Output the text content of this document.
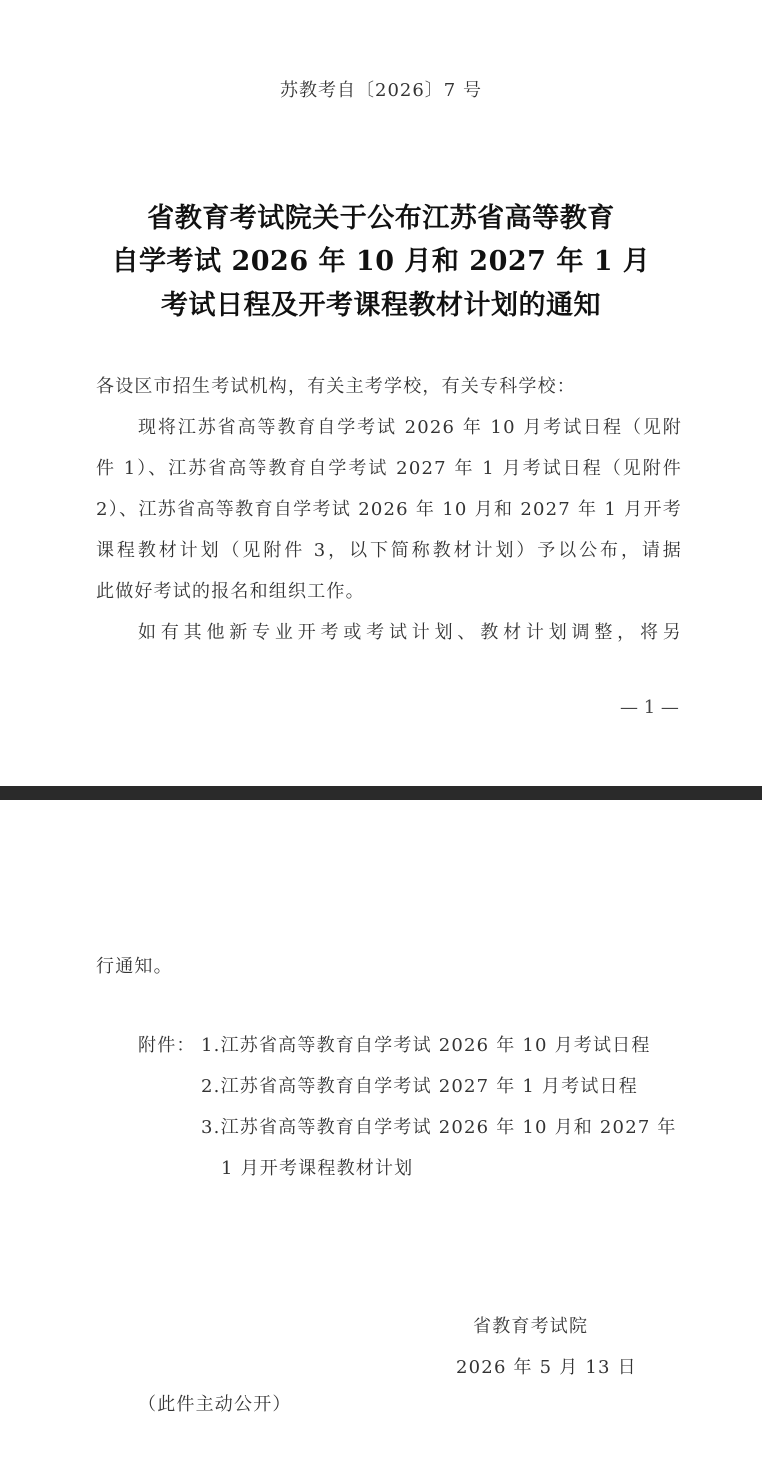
苏教考自〔2026〕7 号
省教育考试院关于公布江苏省高等教育
自学考试 2026 年 10 月和 2027 年 1 月
考试日程及开考课程教材计划的通知
各设区市招生考试机构，有关主考学校，有关专科学校：
现将江苏省高等教育自学考试 2026 年 10 月考试日程（见附
件 1）、江苏省高等教育自学考试 2027 年 1 月考试日程（见附件
2）、江苏省高等教育自学考试 2026 年 10 月和 2027 年 1 月开考
课程教材计划（见附件 3，以下简称教材计划）予以公布，请据
此做好考试的报名和组织工作。
如有其他新专业开考或考试计划、教材计划调整，将另
— 1 —
行通知。
附件： 1.江苏省高等教育自学考试 2026 年 10 月考试日程
2.江苏省高等教育自学考试 2027 年 1 月考试日程
3.江苏省高等教育自学考试 2026 年 10 月和 2027 年
1 月开考课程教材计划
省教育考试院
2026 年 5 月 13 日
（此件主动公开）
